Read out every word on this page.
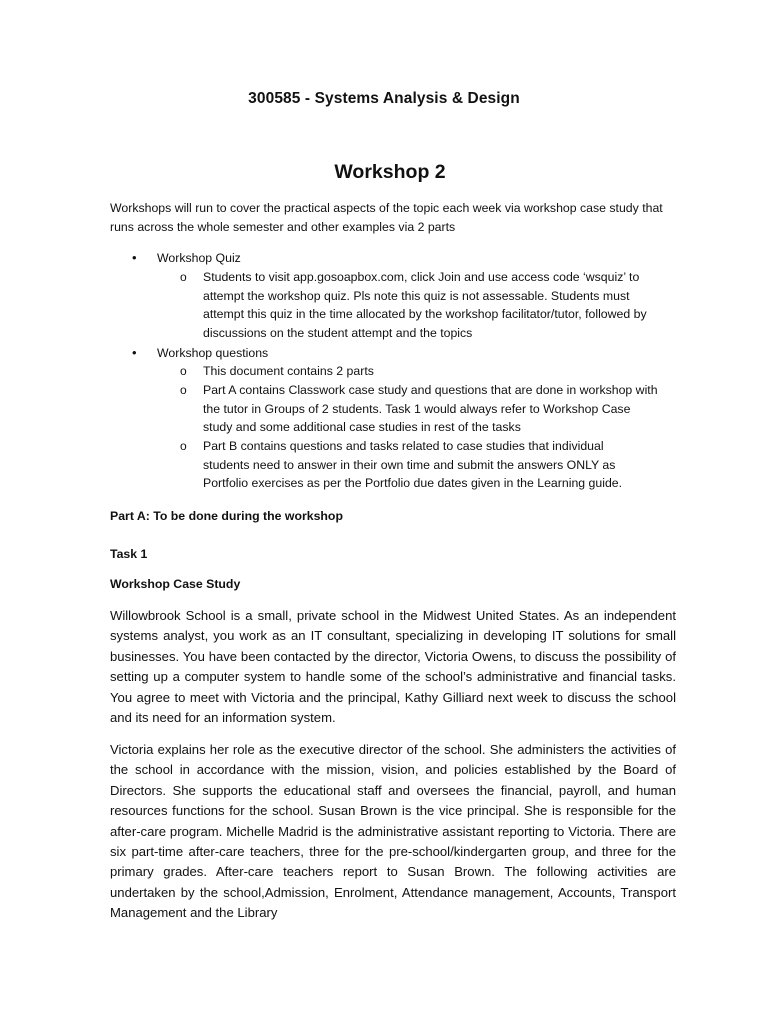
300585 - Systems Analysis & Design
Workshop 2
Workshops will run to cover the practical aspects of the topic each week via workshop case study that runs across the whole semester and other examples via 2 parts
•	Workshop Quiz
o Students to visit app.gosoapbox.com, click Join and use access code ‘wsquiz’ to attempt the workshop quiz. Pls note this quiz is not assessable. Students must attempt this quiz in the time allocated by the workshop facilitator/tutor, followed by discussions on the student attempt and the topics
•	Workshop questions
o This document contains 2 parts
o Part A contains Classwork case study and questions that are done in workshop with the tutor in Groups of 2 students. Task 1 would always refer to Workshop Case study and some additional case studies in rest of the tasks
o Part B contains questions and tasks related to case studies that individual students need to answer in their own time and submit the answers ONLY as Portfolio exercises as per the Portfolio due dates given in the Learning guide.
Part A: To be done during the workshop
Task 1
Workshop Case Study
Willowbrook School is a small, private school in the Midwest United States. As an independent systems analyst, you work as an IT consultant, specializing in developing IT solutions for small businesses. You have been contacted by the director, Victoria Owens, to discuss the possibility of setting up a computer system to handle some of the school’s administrative and financial tasks. You agree to meet with Victoria and the principal, Kathy Gilliard next week to discuss the school and its need for an information system.
Victoria explains her role as the executive director of the school. She administers the activities of the school in accordance with the mission, vision, and policies established by the Board of Directors. She supports the educational staff and oversees the financial, payroll, and human resources functions for the school. Susan Brown is the vice principal. She is responsible for the after-care program. Michelle Madrid is the administrative assistant reporting to Victoria. There are six part-time after-care teachers, three for the pre-school/kindergarten group, and three for the primary grades. After-care teachers report to Susan Brown. The following activities are undertaken by the school,Admission, Enrolment, Attendance management, Accounts, Transport Management and the Library
